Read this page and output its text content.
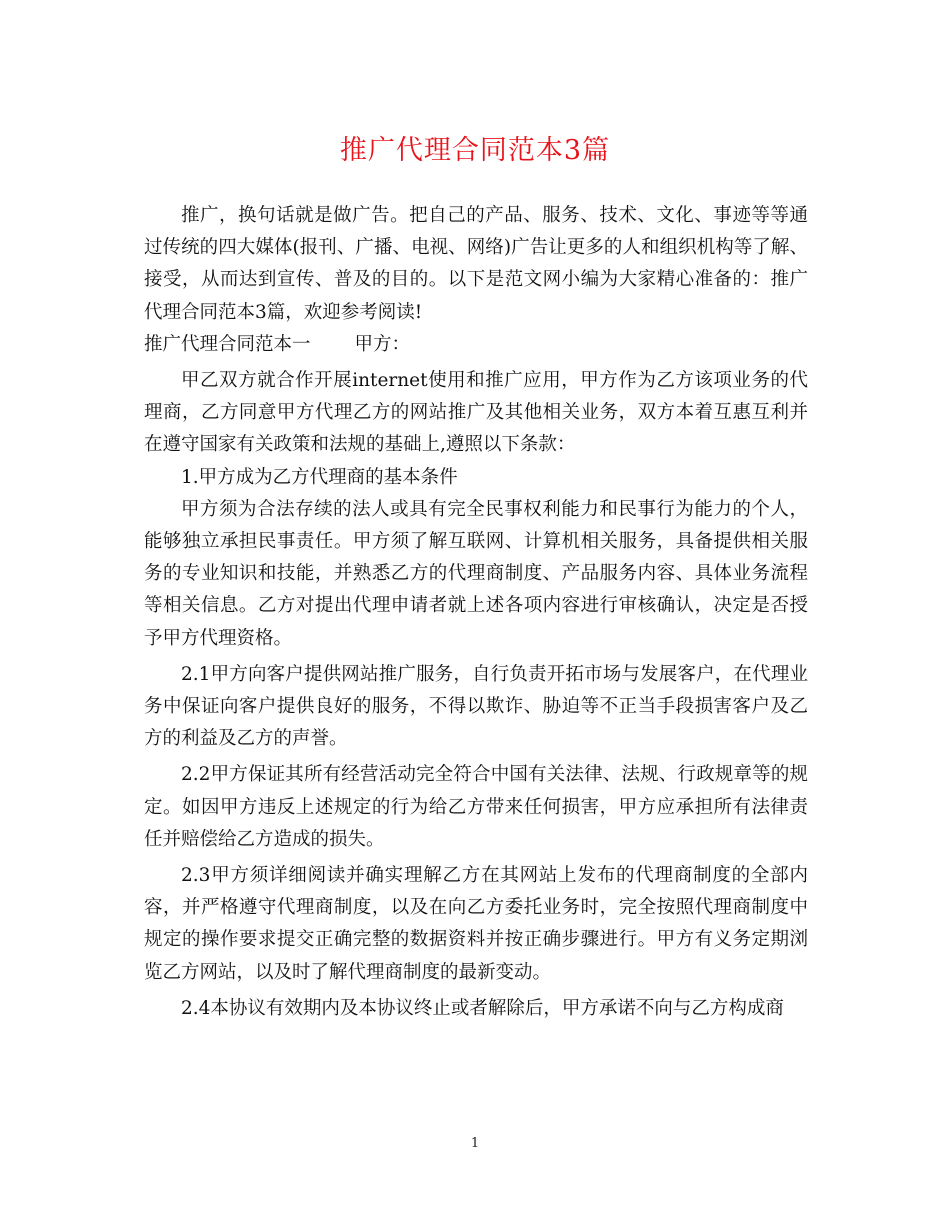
推广代理合同范本3篇

推广，换句话就是做广告。把自己的产品、服务、技术、文化、事迹等等通过传统的四大媒体(报刊、广播、电视、网络)广告让更多的人和组织机构等了解、接受，从而达到宣传、普及的目的。以下是范文网小编为大家精心准备的：推广代理合同范本3篇，欢迎参考阅读!

推广代理合同范本一 甲方：

甲乙双方就合作开展internet使用和推广应用，甲方作为乙方该项业务的代理商，乙方同意甲方代理乙方的网站推广及其他相关业务，双方本着互惠互利并在遵守国家有关政策和法规的基础上,遵照以下条款：

1.甲方成为乙方代理商的基本条件

甲方须为合法存续的法人或具有完全民事权利能力和民事行为能力的个人，能够独立承担民事责任。甲方须了解互联网、计算机相关服务，具备提供相关服务的专业知识和技能，并熟悉乙方的代理商制度、产品服务内容、具体业务流程等相关信息。乙方对提出代理申请者就上述各项内容进行审核确认，决定是否授予甲方代理资格。

2.1甲方向客户提供网站推广服务，自行负责开拓市场与发展客户，在代理业务中保证向客户提供良好的服务，不得以欺诈、胁迫等不正当手段损害客户及乙方的利益及乙方的声誉。

2.2甲方保证其所有经营活动完全符合中国有关法律、法规、行政规章等的规定。如因甲方违反上述规定的行为给乙方带来任何损害，甲方应承担所有法律责任并赔偿给乙方造成的损失。

2.3甲方须详细阅读并确实理解乙方在其网站上发布的代理商制度的全部内容，并严格遵守代理商制度，以及在向乙方委托业务时，完全按照代理商制度中规定的操作要求提交正确完整的数据资料并按正确步骤进行。甲方有义务定期浏览乙方网站，以及时了解代理商制度的最新变动。

2.4本协议有效期内及本协议终止或者解除后，甲方承诺不向与乙方构成商

1
